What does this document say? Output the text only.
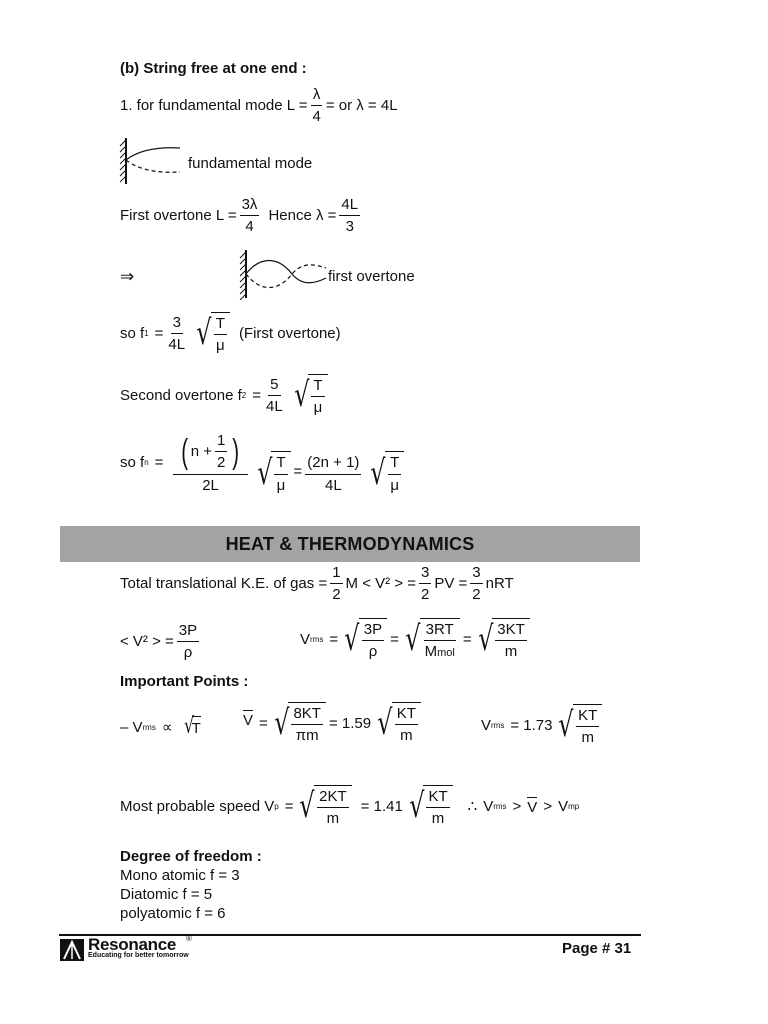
(b) String free at one end :
1. for fundamental mode $L = \frac{\lambda}{4}$ = or λ = 4L
fundamental mode
First overtone $L = \frac{3\lambda}{4}$ Hence $\lambda = \frac{4L}{3}$
⇒	first overtone
so f $1 = \frac{3}{4L}$ √ $\frac{T}{\mu}$ (First overtone)
Second overtone f $2 = \frac{5}{4L}$ √ $\frac{T}{\mu}$
so f $n = \frac{( n + \frac{1}{2} )}{2L}$ √ $\frac{T}{\mu} = \frac{(2n + 1)}{4L}$ √ $\frac{T}{\mu}$
HEAT & THERMODYNAMICS
Total translational K.E. of gas = $\frac{1}{2}$ M < V² > = $\frac{3}{2}$ PV = $\frac{3}{2}$ nRT
< V² > = $\frac{3P}{\rho}$	V rms = √ $\frac{3P}{\rho}$ = √ $\frac{3RT}{\text{Mmol}}$ = √ $\frac{3KT}{m}$
Important Points :
– V rms ∝ √
T	V = √ $\frac{8KT}{\pi m} = 1.59$ √ $\frac{KT}{m}$	V rms = 1.73 √ $\frac{KT}{m}$
Most probable speed V p = √ $\frac{2KT}{m} = 1.41$ √ $\frac{KT}{m}$ ∴ V rms > V > V mp
Degree of freedom :
Mono atomic f = 3
Diatomic f = 5
polyatomic f = 6
Resonance ®
Educating for better tomorrow	Page # 31
